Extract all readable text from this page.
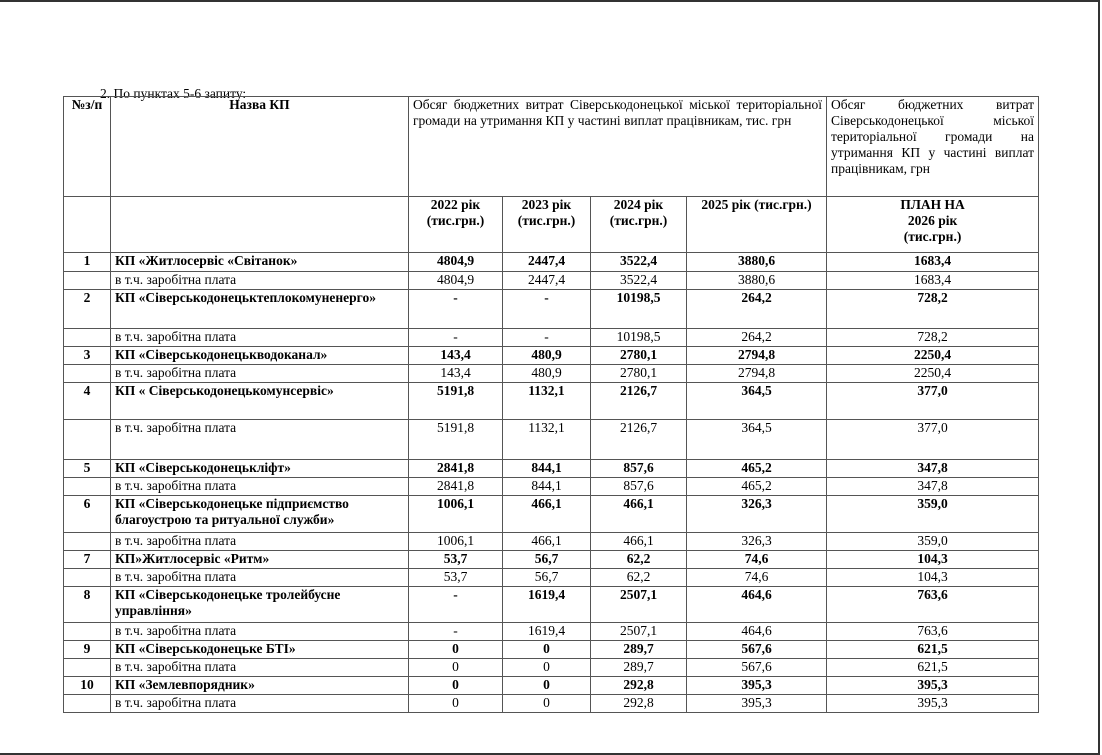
2. По пунктах 5-6 запиту:
№з/п	Назва КП	Обсяг бюджетних витрат Сіверськодонецької міської територіальної громади на утримання КП у частині виплат працівникам, тис. грн				Обсяг бюджетних витрат Сіверськодонецької міської територіальної громади на утримання КП у частині виплат працівникам, грн
		2022 рік (тис.грн.)	2023 рік (тис.грн.)	2024 рік (тис.грн.)	2025 рік (тис.грн.)	ПЛАН НА 2026 рік (тис.грн.)
1	КП «Житлосервіс «Світанок»	4804,9	2447,4	3522,4	3880,6	1683,4
	в т.ч. заробітна плата	4804,9	2447,4	3522,4	3880,6	1683,4
2	КП «Сіверськодонецьктеплокомуненерго»	-	-	10198,5	264,2	728,2
	в т.ч. заробітна плата	-	-	10198,5	264,2	728,2
3	КП «Сіверськодонецькводоканал»	143,4	480,9	2780,1	2794,8	2250,4
	в т.ч. заробітна плата	143,4	480,9	2780,1	2794,8	2250,4
4	КП « Сіверськодонецькомунсервіс»	5191,8	1132,1	2126,7	364,5	377,0
	в т.ч. заробітна плата	5191,8	1132,1	2126,7	364,5	377,0
5	КП «Сіверськодонецькліфт»	2841,8	844,1	857,6	465,2	347,8
	в т.ч. заробітна плата	2841,8	844,1	857,6	465,2	347,8
6	КП «Сіверськодонецьке підприємство благоустрою та ритуальної служби»	1006,1	466,1	466,1	326,3	359,0
	в т.ч. заробітна плата	1006,1	466,1	466,1	326,3	359,0
7	КП»Житлосервіс «Ритм»	53,7	56,7	62,2	74,6	104,3
	в т.ч. заробітна плата	53,7	56,7	62,2	74,6	104,3
8	КП «Сіверськодонецьке тролейбусне управління»	-	1619,4	2507,1	464,6	763,6
	в т.ч. заробітна плата	-	1619,4	2507,1	464,6	763,6
9	КП «Сіверськодонецьке БТІ»	0	0	289,7	567,6	621,5
	в т.ч. заробітна плата	0	0	289,7	567,6	621,5
10	КП «Землевпорядник»	0	0	292,8	395,3	395,3
	в т.ч. заробітна плата	0	0	292,8	395,3	395,3
